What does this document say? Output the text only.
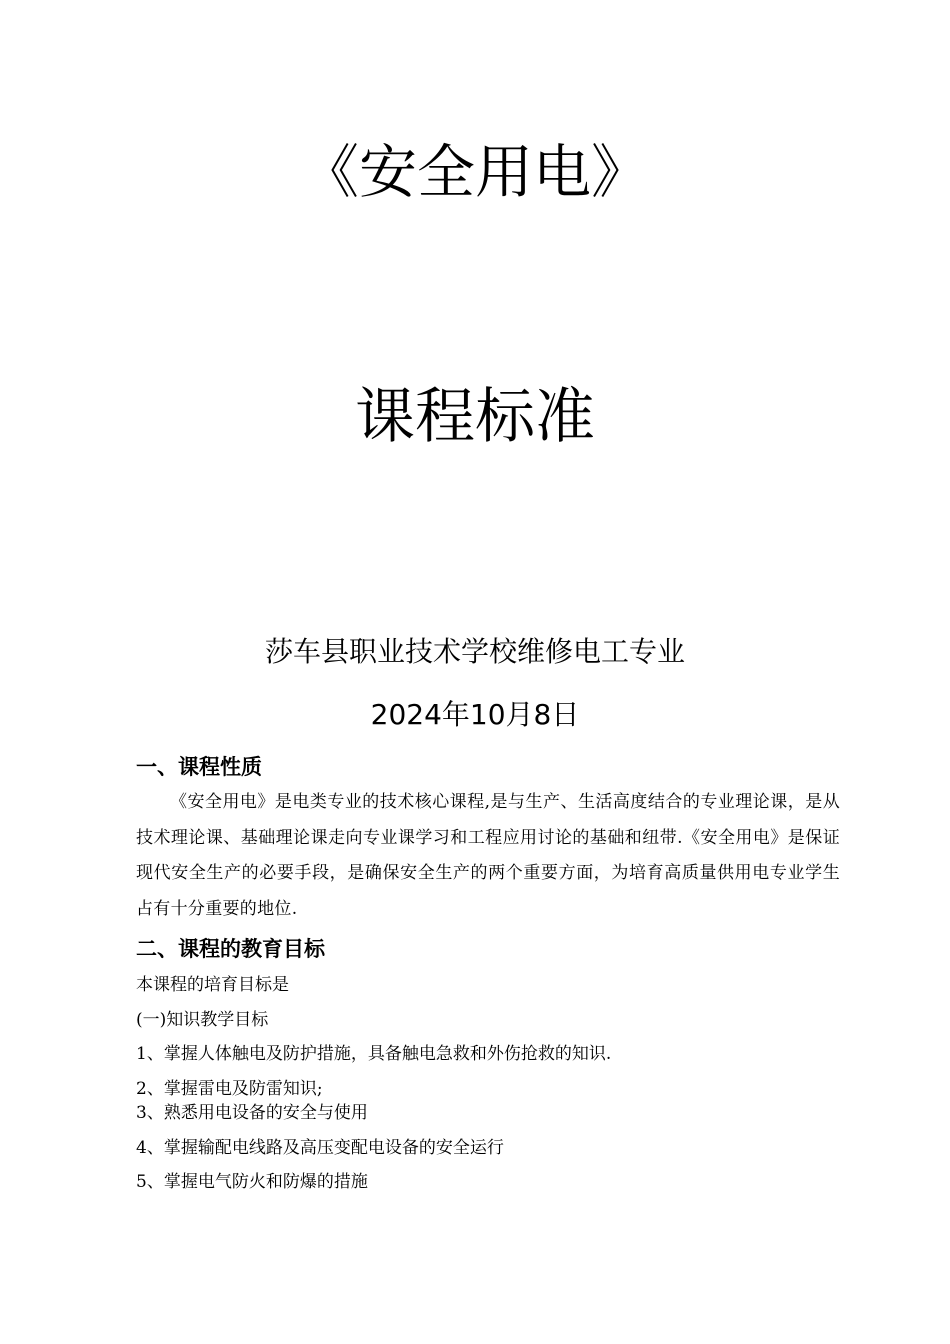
《安全用电》
课程标准
莎车县职业技术学校维修电工专业
2024年10月8日
一、课程性质
《安全用电》是电类专业的技术核心课程,是与生产、生活高度结合的专业理论课，是从技术理论课、基础理论课走向专业课学习和工程应用讨论的基础和纽带.《安全用电》是保证现代安全生产的必要手段，是确保安全生产的两个重要方面，为培育高质量供用电专业学生占有十分重要的地位.
二、课程的教育目标
本课程的培育目标是
(一)知识教学目标
1、掌握人体触电及防护措施，具备触电急救和外伤抢救的知识.
2、掌握雷电及防雷知识;
3、熟悉用电设备的安全与使用
4、掌握输配电线路及高压变配电设备的安全运行
5、掌握电气防火和防爆的措施
